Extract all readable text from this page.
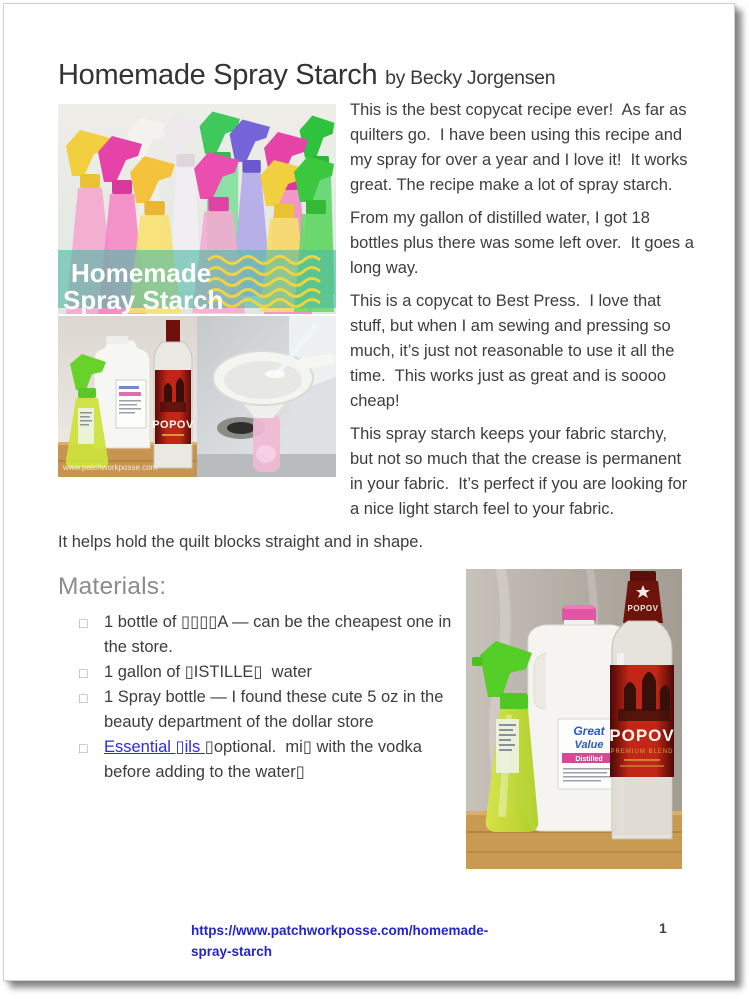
Homemade Spray Starch by Becky Jorgensen
Homemade
Spray Starch
POPOV
www.patchworkposse.com

This is the best copycat recipe ever!  As far as quilters go.  I have been using this recipe and my spray for over a year and I love it!  It works great. The recipe make a lot of spray starch.

From my gallon of distilled water, I got 18 bottles plus there was some left over.  It goes a long way.

This is a copycat to Best Press.  I love that stuff, but when I am sewing and pressing so much, it’s just not reasonable to use it all the time.  This works just as great and is soooo cheap!

This spray starch keeps your fabric starchy, but not so much that the crease is permanent in your fabric.  It’s perfect if you are looking for a nice light starch feel to your fabric.

It helps hold the quilt blocks straight and in shape.

Materials:
□ 1 bottle of ▯▯▯▯A — can be the cheapest one in the store.
□ 1 gallon of ▯ISTILLE▯  water
□ 1 Spray bottle — I found these cute 5 oz in the beauty department of the dollar store
□ Essential ▯ils ▯optional.  mi▯ with the vodka before adding to the water▯
Great
Value
Distilled
POPOV
POPOV
PREMIUM BLEND
https://www.patchworkposse.com/homemade-
spray-starch
1
